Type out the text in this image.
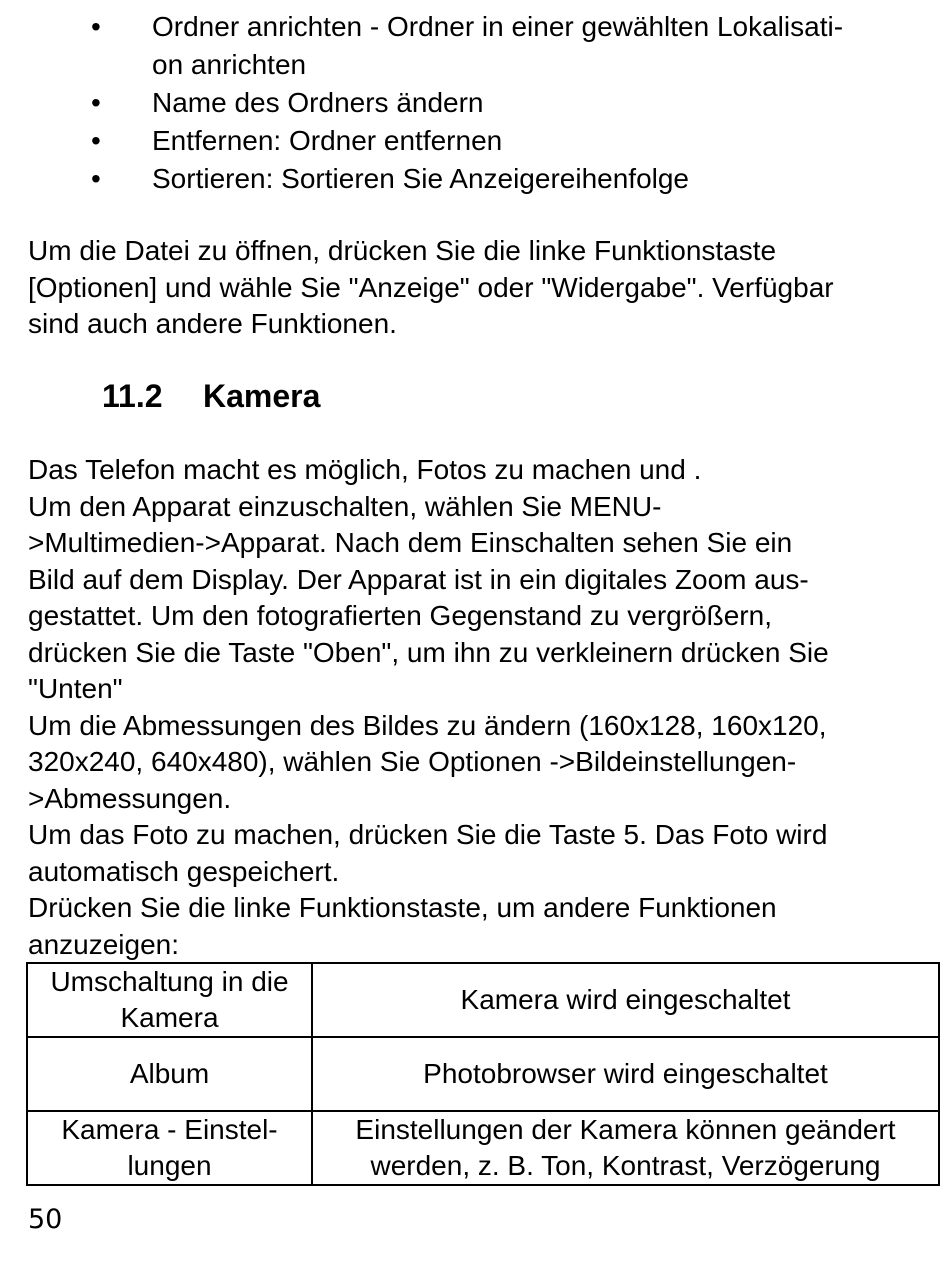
• Ordner anrichten - Ordner in einer gewählten Lokalisati-
on anrichten
• Name des Ordners ändern
• Entfernen: Ordner entfernen
• Sortieren: Sortieren Sie Anzeigereihenfolge

Um die Datei zu öffnen, drücken Sie die linke Funktionstaste
[Optionen] und wähle Sie "Anzeige" oder "Widergabe". Verfügbar
sind auch andere Funktionen.

11.2 Kamera

Das Telefon macht es möglich, Fotos zu machen und .
Um den Apparat einzuschalten, wählen Sie MENU-
>Multimedien->Apparat. Nach dem Einschalten sehen Sie ein
Bild auf dem Display. Der Apparat ist in ein digitales Zoom aus-
gestattet. Um den fotografierten Gegenstand zu vergrößern,
drücken Sie die Taste "Oben", um ihn zu verkleinern drücken Sie
"Unten"
Um die Abmessungen des Bildes zu ändern (160x128, 160x120,
320x240, 640x480), wählen Sie Optionen ->Bildeinstellungen-
>Abmessungen.
Um das Foto zu machen, drücken Sie die Taste 5. Das Foto wird
automatisch gespeichert.
Drücken Sie die linke Funktionstaste, um andere Funktionen
anzuzeigen:

Umschaltung in die
Kamera	Kamera wird eingeschaltet
Album	Photobrowser wird eingeschaltet
Kamera - Einstel-
lungen	Einstellungen der Kamera können geändert
werden, z. B. Ton, Kontrast, Verzögerung
50
